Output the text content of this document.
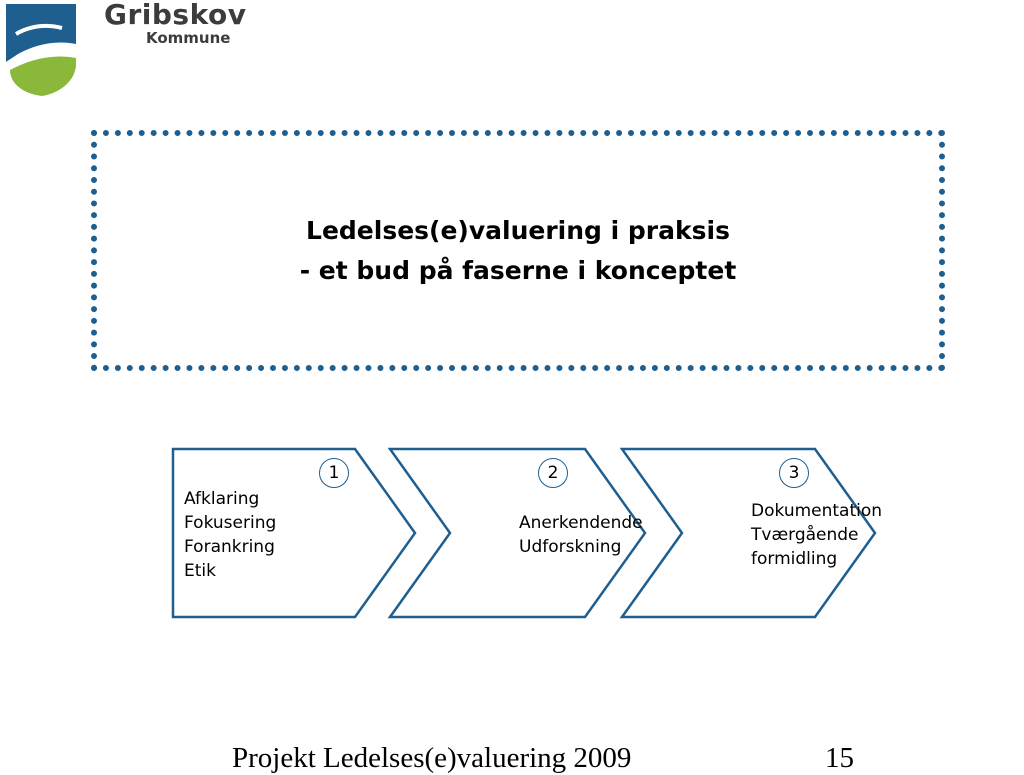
Gribskov
Kommune
Ledelses(e)valuering i praksis
- et bud på faserne i konceptet
1	2	3
Afklaring
Fokusering
Forankring
Etik
Anerkendende
Udforskning
Dokumentation
Tværgående
formidling
Projekt Ledelses(e)valuering 2009	15
